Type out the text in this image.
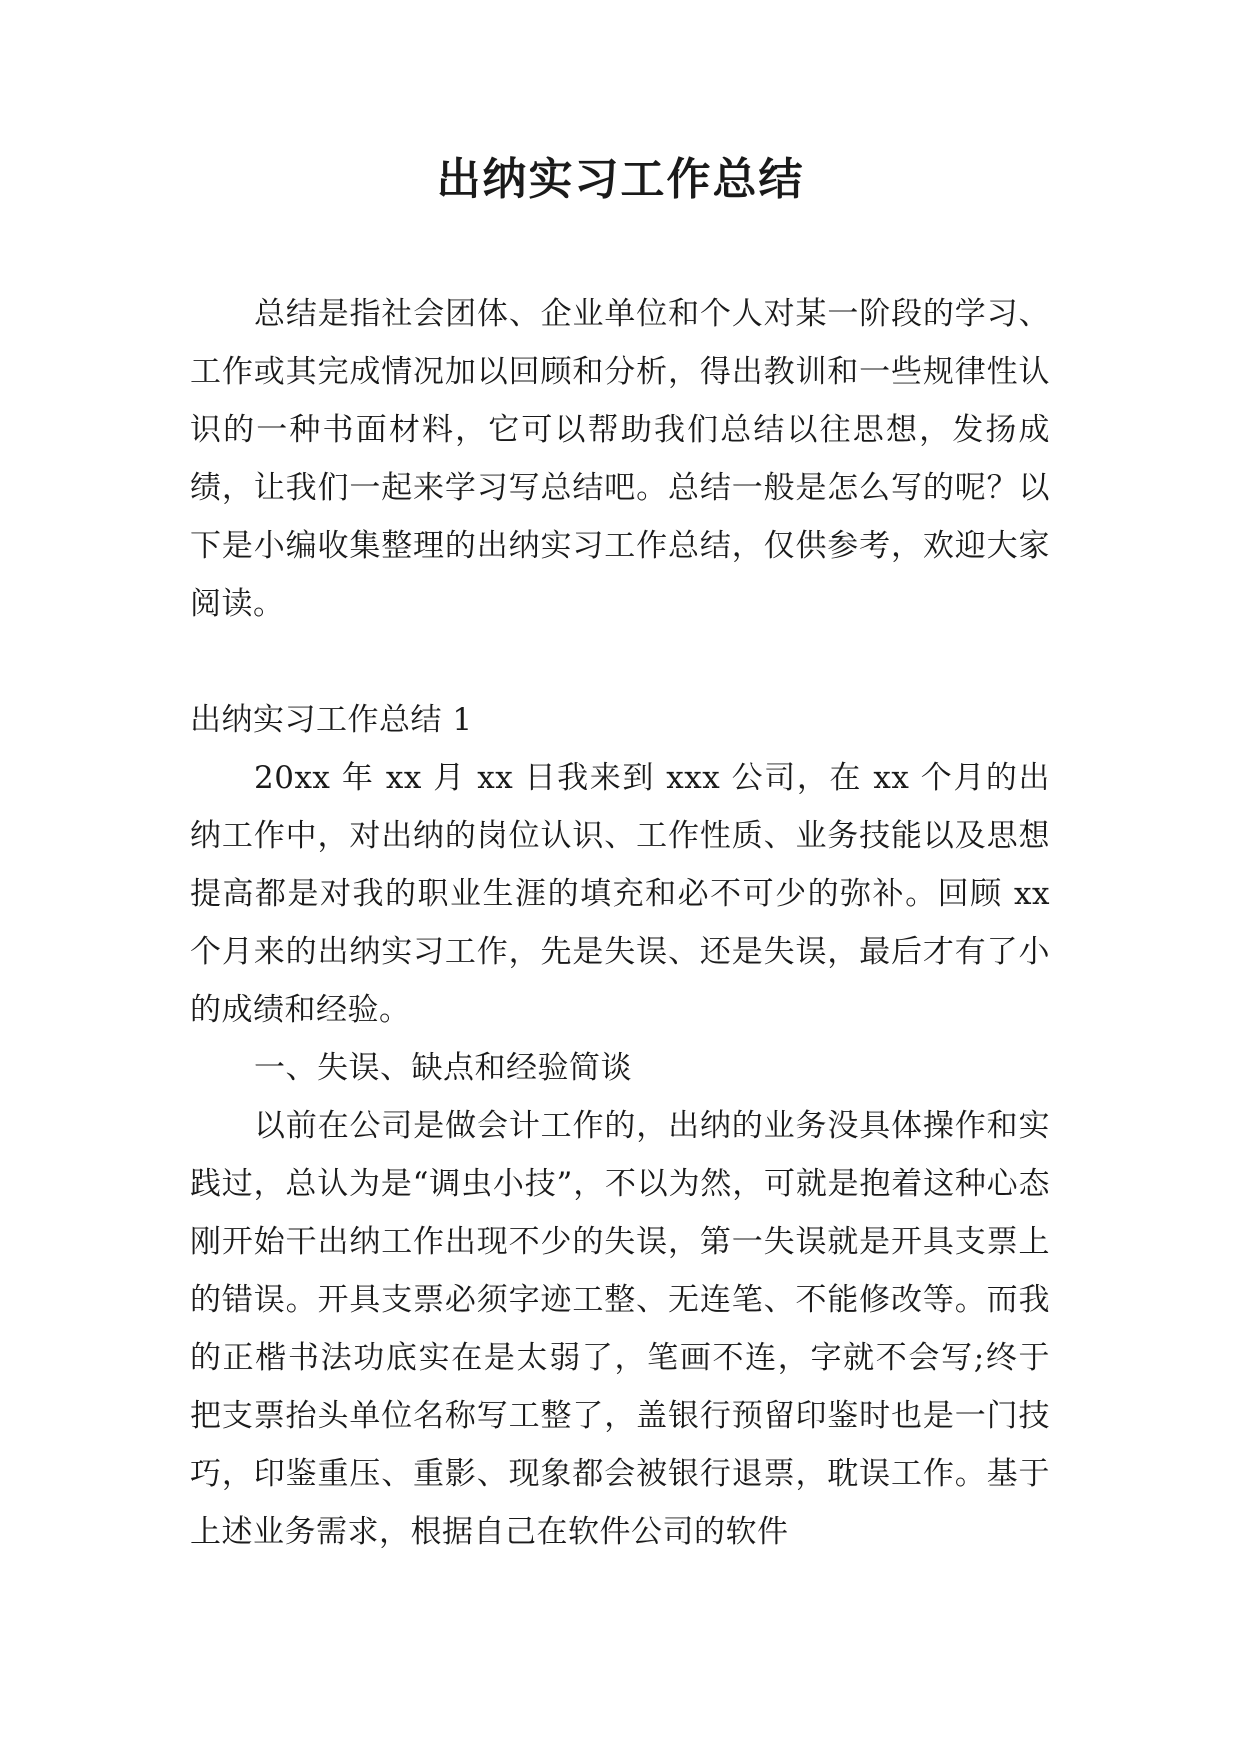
出纳实习工作总结

总结是指社会团体、企业单位和个人对某一阶段的学习、工作或其完成情况加以回顾和分析，得出教训和一些规律性认识的一种书面材料，它可以帮助我们总结以往思想，发扬成绩，让我们一起来学习写总结吧。总结一般是怎么写的呢？以下是小编收集整理的出纳实习工作总结，仅供参考，欢迎大家阅读。

出纳实习工作总结 1

20xx 年 xx 月 xx 日我来到 xxx 公司，在 xx 个月的出纳工作中，对出纳的岗位认识、工作性质、业务技能以及思想提高都是对我的职业生涯的填充和必不可少的弥补。回顾 xx 个月来的出纳实习工作，先是失误、还是失误，最后才有了小的成绩和经验。

一、失误、缺点和经验简谈

以前在公司是做会计工作的，出纳的业务没具体操作和实践过，总认为是“调虫小技”，不以为然，可就是抱着这种心态刚开始干出纳工作出现不少的失误，第一失误就是开具支票上的错误。开具支票必须字迹工整、无连笔、不能修改等。而我的正楷书法功底实在是太弱了，笔画不连，字就不会写;终于把支票抬头单位名称写工整了，盖银行预留印鉴时也是一门技巧，印鉴重压、重影、现象都会被银行退票，耽误工作。基于上述业务需求，根据自己在软件公司的软件
